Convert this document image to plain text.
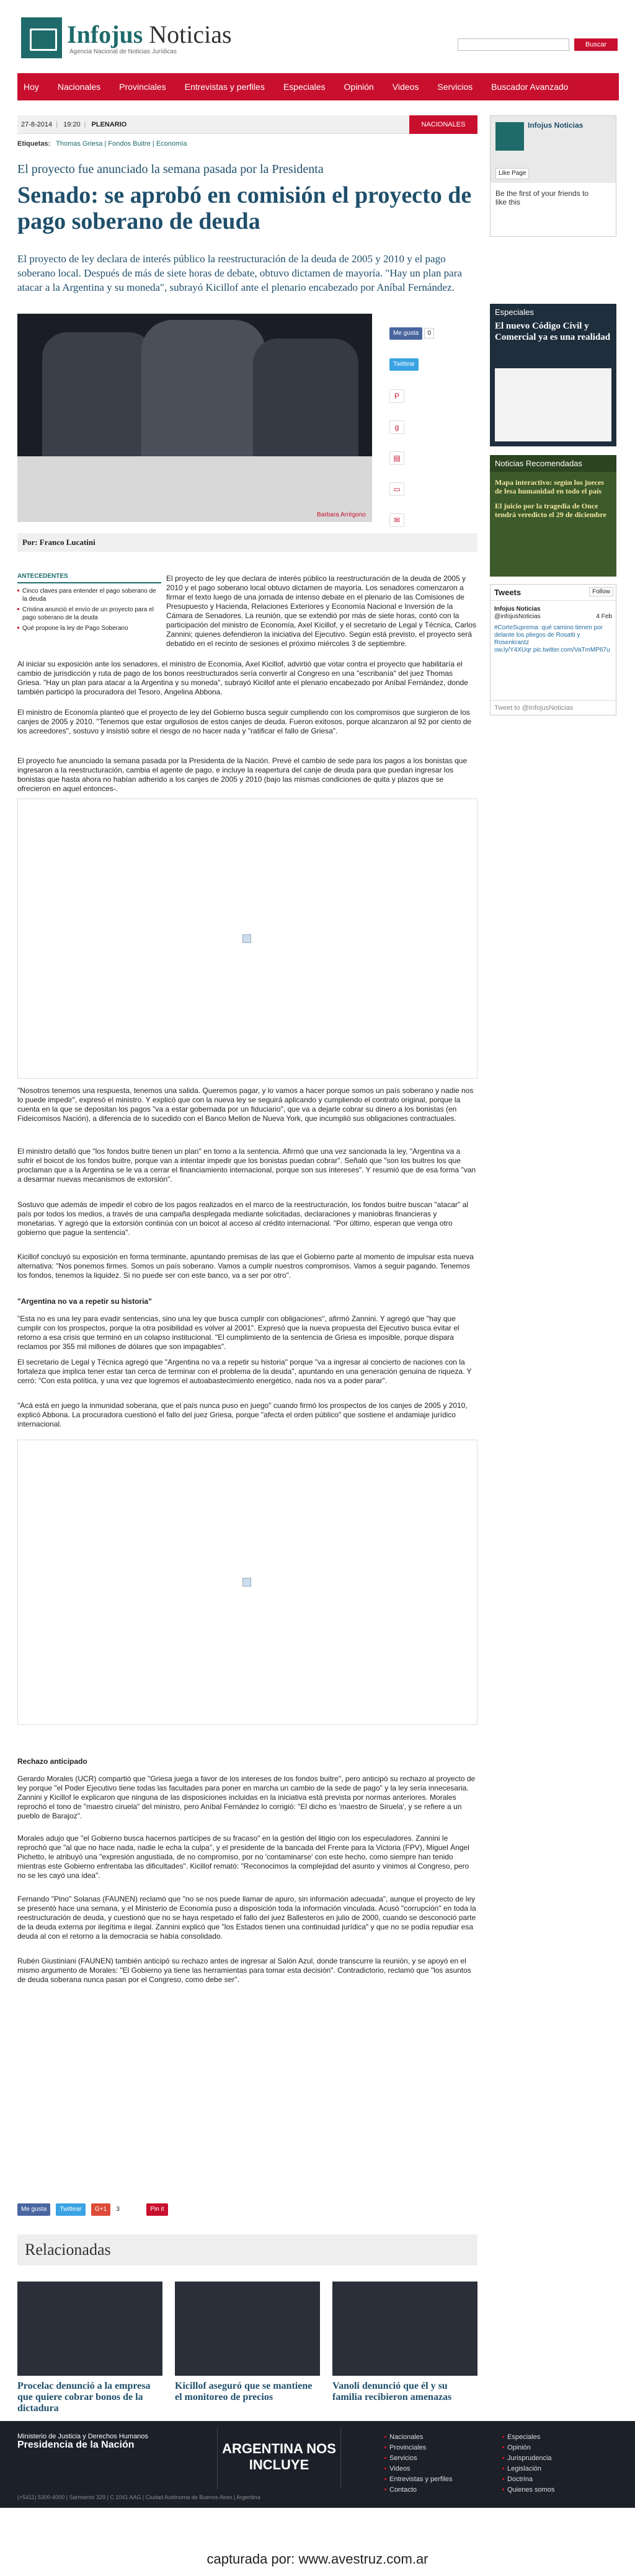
Infojus Noticias
Agencia Nacional de Noticias Jurídicas
Buscar
Hoy Nacionales Provinciales Entrevistas y perfiles Especiales Opinión Videos Servicios Buscador Avanzado
27-8-2014 | 19:20 | PLENARIO	NACIONALES
Etiquetas: Thomas Griesa | Fondos Buitre | Economía
El proyecto fue anunciado la semana pasada por la Presidenta
Senado: se aprobó en comisión el proyecto de pago soberano de deuda
El proyecto de ley declara de interés público la reestructuración de la deuda de 2005 y 2010 y el pago soberano local. Después de más de siete horas de debate, obtuvo dictamen de mayoría. "Hay un plan para atacar a la Argentina y su moneda", subrayó Kicillof ante el plenario encabezado por Aníbal Fernández.
Barbara Arrégono
Me gusta 0
Twittear
P
g
▤
▭
✉
Por: Franco Lucatini
ANTECEDENTES
Cinco claves para entender el pago soberano de la deuda
Cristina anunció el envío de un proyecto para el pago soberano de la deuda
Qué propone la ley de Pago Soberano

El proyecto de ley que declara de interés público la reestructuración de la deuda de 2005 y 2010 y el pago soberano local obtuvo dictamen de mayoría. Los senadores comenzaron a firmar el texto luego de una jornada de intenso debate en el plenario de las Comisiones de Presupuesto y Hacienda, Relaciones Exteriores y Economía Nacional e Inversión de la Cámara de Senadores. La reunión, que se extendió por más de siete horas, contó con la participación del ministro de Economía, Axel Kicillof, y el secretario de Legal y Técnica, Carlos Zannini; quienes defendieron la iniciativa del Ejecutivo. Según está previsto, el proyecto será debatido en el recinto de sesiones el próximo miércoles 3 de septiembre.

Al iniciar su exposición ante los senadores, el ministro de Economía, Axel Kicillof, advirtió que votar contra el proyecto que habilitaría el cambio de jurisdicción y ruta de pago de los bonos reestructurados sería convertir al Congreso en una "escribanía" del juez Thomas Griesa. "Hay un plan para atacar a la Argentina y su moneda", subrayó Kicillof ante el plenario encabezado por Aníbal Fernández, donde también participó la procuradora del Tesoro, Angelina Abbona.

El ministro de Economía planteó que el proyecto de ley del Gobierno busca seguir cumpliendo con los compromisos que surgieron de los canjes de 2005 y 2010. "Tenemos que estar orgullosos de estos canjes de deuda. Fueron exitosos, porque alcanzaron al 92 por ciento de los acreedores", sostuvo y insistió sobre el riesgo de no hacer nada y "ratificar el fallo de Griesa".

El proyecto fue anunciado la semana pasada por la Presidenta de la Nación. Prevé el cambio de sede para los pagos a los bonistas que ingresaron a la reestructuración, cambia el agente de pago, e incluye la reapertura del canje de deuda para que puedan ingresar los bonistas que hasta ahora no habían adherido a los canjes de 2005 y 2010 (bajo las mismas condiciones de quita y plazos que se ofrecieron en aquel entonces-.

"Nosotros tenemos una respuesta, tenemos una salida. Queremos pagar, y lo vamos a hacer porque somos un país soberano y nadie nos lo puede impedir", expresó el ministro. Y explicó que con la nueva ley se seguirá aplicando y cumpliendo el contrato original, porque la cuenta en la que se depositan los pagos "va a estar gobernada por un fiduciario", que va a dejarle cobrar su dinero a los bonistas (en Fideicomisos Nación), a diferencia de lo sucedido con el Banco Mellon de Nueva York, que incumplió sus obligaciones contractuales.

El ministro detalló que "los fondos buitre tienen un plan" en torno a la sentencia. Afirmó que una vez sancionada la ley, "Argentina va a sufrir el boicot de los fondos buitre, porque van a intentar impedir que los bonistas puedan cobrar". Señaló que "son los buitres los que proclaman que a la Argentina se le va a cerrar el financiamiento internacional, porque son sus intereses". Y resumió que de esa forma "van a desarmar nuevas mecanismos de extorsión".

Sostuvo que además de impedir el cobro de los pagos realizados en el marco de la reestructuración, los fondos buitre buscan "atacar" al país por todos los medios, a través de una campaña desplegada mediante solicitadas, declaraciones y maniobras financieras y monetarias. Y agregó que la extorsión continúa con un boicot al acceso al crédito internacional. "Por último, esperan que venga otro gobierno que pague la sentencia".

Kicillof concluyó su exposición en forma terminante, apuntando premisas de las que el Gobierno parte al momento de impulsar esta nueva alternativa: "Nos ponemos firmes. Somos un país soberano. Vamos a cumplir nuestros compromisos. Vamos a seguir pagando. Tenemos los fondos, tenemos la liquidez. Si no puede ser con este banco, va a ser por otro".

"Argentina no va a repetir su historia"

"Esta no es una ley para evadir sentencias, sino una ley que busca cumplir con obligaciones", afirmó Zannini. Y agregó que "hay que cumplir con los prospectos, porque la otra posibilidad es volver al 2001". Expresó que la nueva propuesta del Ejecutivo busca evitar el retorno a esa crisis que terminó en un colapso institucional. "El cumplimiento de la sentencia de Griesa es imposible, porque dispara reclamos por 355 mil millones de dólares que son impagables".

El secretario de Legal y Técnica agregó que "Argentina no va a repetir su historia" porque "va a ingresar al concierto de naciones con la fortaleza que implica tener estar tan cerca de terminar con el problema de la deuda", apuntando en una generación genuina de riqueza. Y cerró: "Con esta política, y una vez que logremos el autoabastecimiento energético, nada nos va a poder parar".

"Acá está en juego la inmunidad soberana, que el país nunca puso en juego" cuando firmó los prospectos de los canjes de 2005 y 2010, explicó Abbona. La procuradora cuestionó el fallo del juez Griesa, porque "afecta el orden público" que sostiene el andamiaje jurídico internacional.

Rechazo anticipado

Gerardo Morales (UCR) compartió que "Griesa juega a favor de los intereses de los fondos buitre", pero anticipó su rechazo al proyecto de ley porque "el Poder Ejecutivo tiene todas las facultades para poner en marcha un cambio de la sede de pago" y la ley sería innecesaria. Zannini y Kicillof le explicaron que ninguna de las disposiciones incluidas en la iniciativa está prevista por normas anteriores. Morales reprochó el tono de "maestro ciruela" del ministro, pero Aníbal Fernández lo corrigió: "El dicho es 'maestro de Siruela', y se refiere a un pueblo de Barajoz".

Morales adujo que "el Gobierno busca hacernos partícipes de su fracaso" en la gestión del litigio con los especuladores. Zannini le reprochó que "al que no hace nada, nadie le echa la culpa", y el presidente de la bancada del Frente para la Victoria (FPV), Miguel Ángel Pichetto, le atribuyó una "expresión angustiada, de no compromiso, por no 'contaminarse' con este hecho, como siempre han tenido mientras este Gobierno enfrentaba las dificultades". Kicillof remató: "Reconocimos la complejidad del asunto y vinimos al Congreso, pero no se les cayó una idea".

Fernando "Pino" Solanas (FAUNEN) reclamó que "no se nos puede llamar de apuro, sin información adecuada", aunque el proyecto de ley se presentó hace una semana, y el Ministerio de Economía puso a disposición toda la información vinculada. Acusó "corrupción" en toda la reestructuración de deuda, y cuestionó que no se haya respetado el fallo del juez Ballesteros en julio de 2000, cuando se desconoció parte de la deuda externa por ilegítima e ilegal. Zannini explicó que "los Estados tienen una continuidad jurídica" y que no se podía repudiar esa deuda al con el retorno a la democracia se había consolidado.

Rubén Giustiniani (FAUNEN) también anticipó su rechazo antes de ingresar al Salón Azul, donde transcurre la reunión, y se apoyó en el mismo argumento de Morales: "El Gobierno ya tiene las herramientas para tomar esta decisión". Contradictorio, reclamó que "los asuntos de deuda soberana nunca pasan por el Congreso, como debe ser".

Me gusta Twittear G+1 3	Pin it
Relacionadas
Procelac denunció a la empresa que quiere cobrar bonos de la dictadura
Kicillof aseguró que se mantiene el monitoreo de precios
Vanoli denunció que él y su familia recibieron amenazas
Infojus Noticias
Like Page
Be the first of your friends to like this
Especiales
El nuevo Código Civil y Comercial ya es una realidad
Noticias Recomendadas
Mapa interactivo: según los jueces de lesa humanidad en todo el país
El juicio por la tragedia de Once tendrá veredicto el 29 de diciembre
Tweets	Follow
Infojus Noticias
@infojusNoticias	4 Feb
#CorteSuprema: qué camino tienen por delante los pliegos de Rosatti y Rosenkrantz
ow.ly/Y4XUqr pic.twitter.com/VaTmMP67u
Tweet to @InfojusNoticias
Ministerio de Justicia y Derechos Humanos
Presidencia de la Nación	ARGENTINA NOS INCLUYE
Nacionales
Provinciales
Servicios
Videos
Entrevistas y perfiles
Contacto
Especiales
Opinión
Jurisprudencia
Legislación
Doctrina
Quienes somos
(+5411) 5300-4000 | Sarmiento 329 | C 1041 AAG | Ciudad Autónoma de Buenos Aires | Argentina
capturada por: www.avestruz.com.ar
